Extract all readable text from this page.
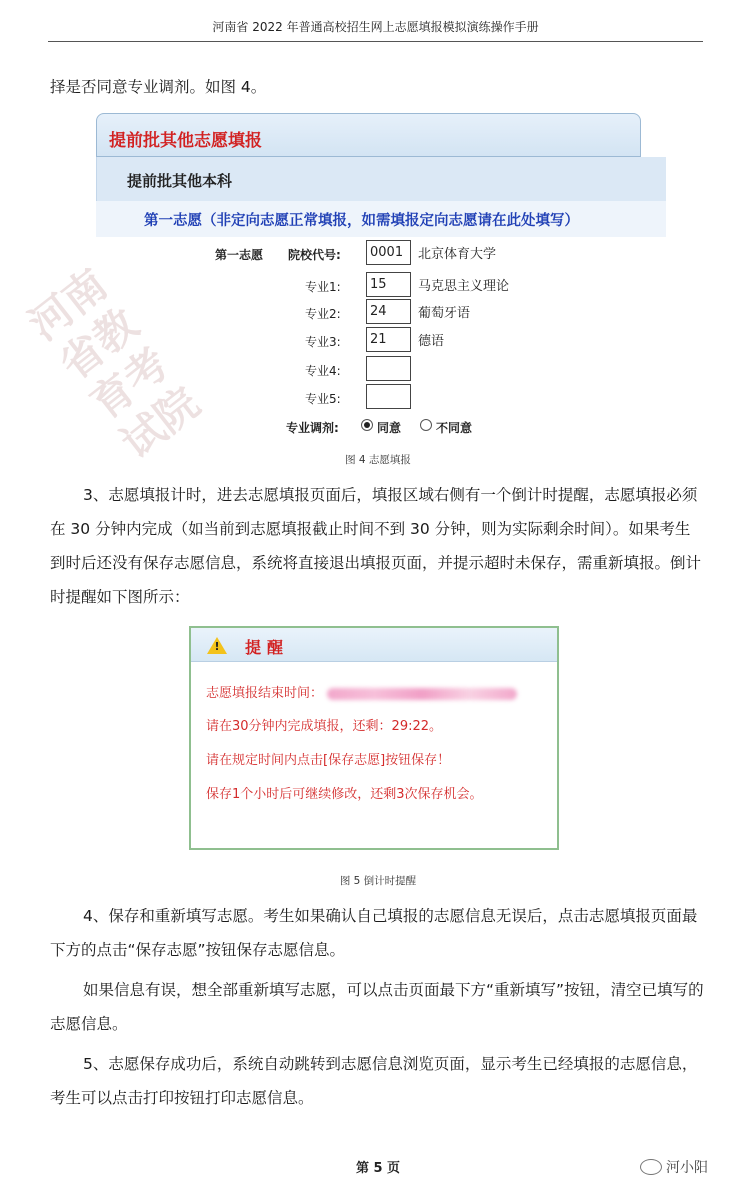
河南省 2022 年普通高校招生网上志愿填报模拟演练操作手册
择是否同意专业调剂。如图 4。
提前批其他志愿填报
提前批其他本科
第一志愿（非定向志愿正常填报，如需填报定向志愿请在此处填写）
第一志愿 院校代号:	0001	北京体育大学
专业1:	15	马克思主义理论
专业2:	24	葡萄牙语
专业3:	21	德语
专业4:
专业5:
专业调剂:	同意	不同意
图 4 志愿填报
3、志愿填报计时，进去志愿填报页面后，填报区域右侧有一个倒计时提醒，志愿填报必须在 30 分钟内完成（如当前到志愿填报截止时间不到 30 分钟，则为实际剩余时间）。如果考生到时后还没有保存志愿信息，系统将直接退出填报页面，并提示超时未保存，需重新填报。倒计时提醒如下图所示：
! 提醒
志愿填报结束时间：
请在30分钟内完成填报，还剩：29:22。
请在规定时间内点击[保存志愿]按钮保存！
保存1个小时后可继续修改，还剩3次保存机会。
图 5 倒计时提醒
4、保存和重新填写志愿。考生如果确认自己填报的志愿信息无误后，点击志愿填报页面最下方的点击“保存志愿”按钮保存志愿信息。
如果信息有误，想全部重新填写志愿，可以点击页面最下方“重新填写”按钮，清空已填写的志愿信息。
5、志愿保存成功后，系统自动跳转到志愿信息浏览页面，显示考生已经填报的志愿信息，考生可以点击打印按钮打印志愿信息。
河南省教育考试院
第 5 页	河小阳
